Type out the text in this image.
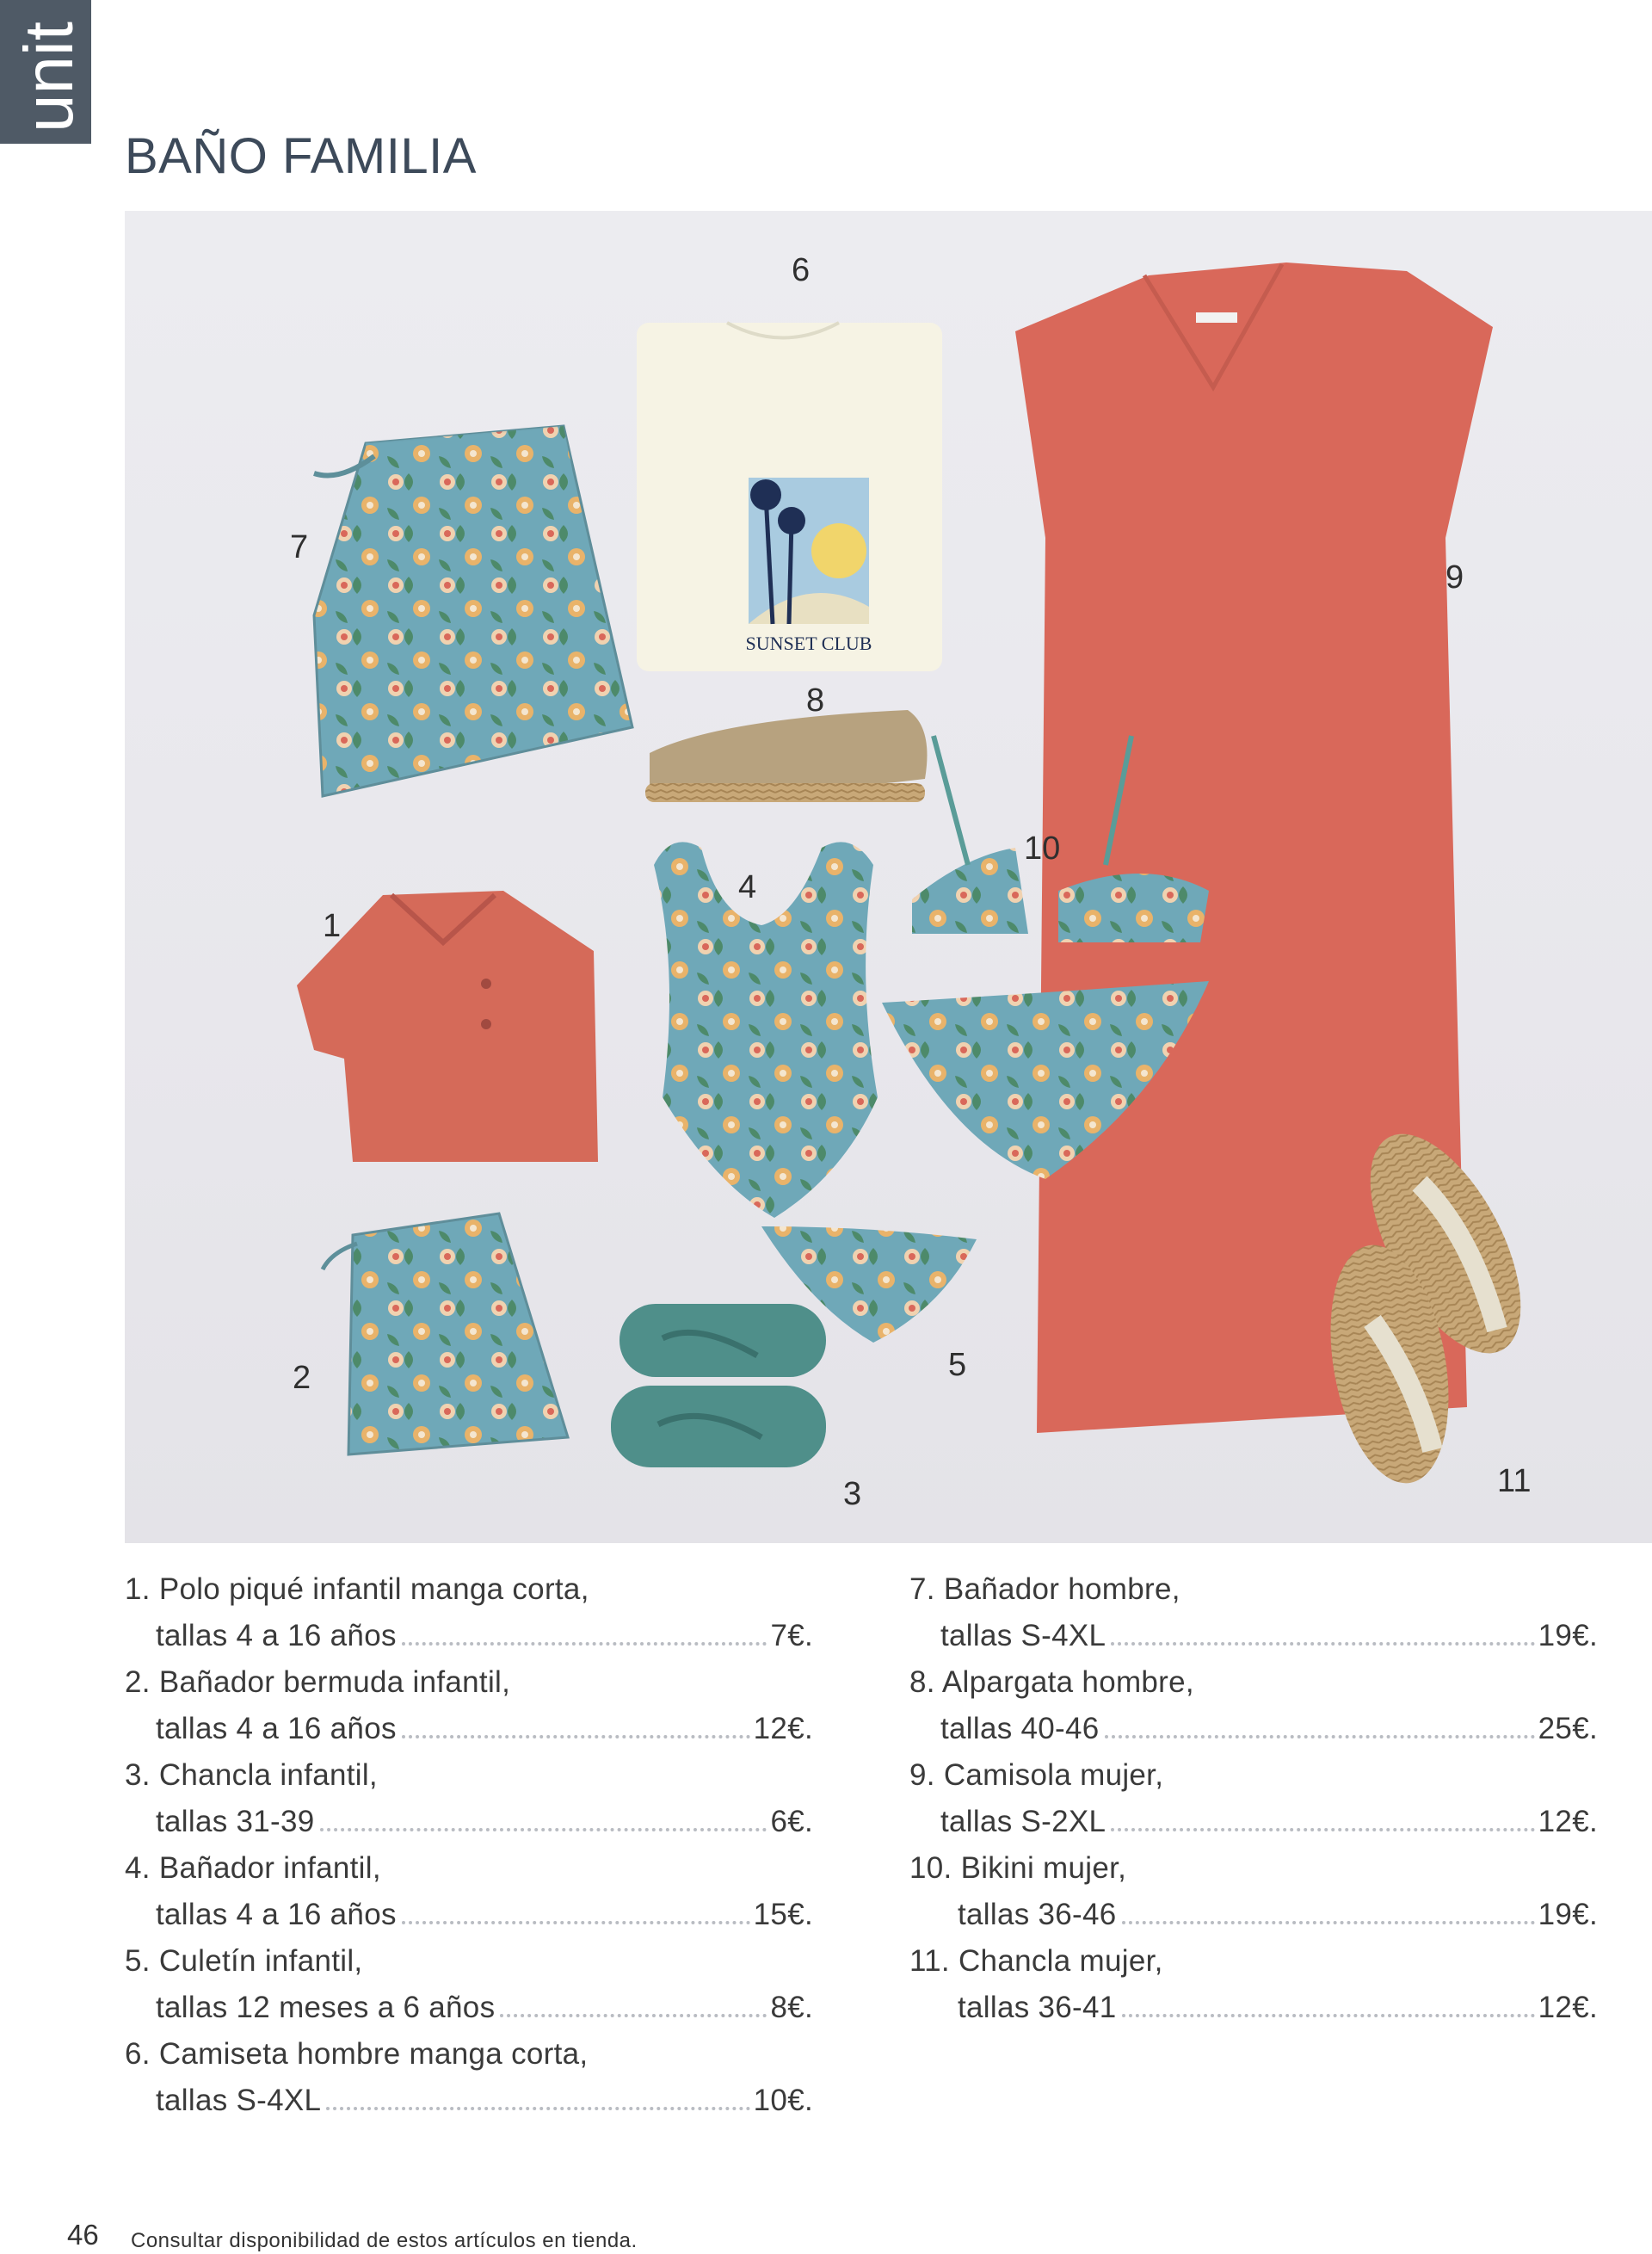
unit
BAÑO FAMILIA
SUNSET CLUB
1
2
3
4
5
6
7
8
9
10
11
1. Polo piqué infantil manga corta,
tallas 4 a 16 años	7€.
2. Bañador bermuda infantil,
tallas 4 a 16 años	12€.
3. Chancla infantil,
tallas 31-39	6€.
4. Bañador infantil,
tallas 4 a 16 años	15€.
5. Culetín infantil,
tallas 12 meses a 6 años	8€.
6. Camiseta hombre manga corta,
tallas S-4XL	10€.
7. Bañador hombre,
tallas S-4XL	19€.
8. Alpargata hombre,
tallas 40-46	25€.
9. Camisola mujer,
tallas S-2XL	12€.
10. Bikini mujer,
tallas 36-46	19€.
11. Chancla mujer,
tallas 36-41	12€.
46 Consultar disponibilidad de estos artículos en tienda.
